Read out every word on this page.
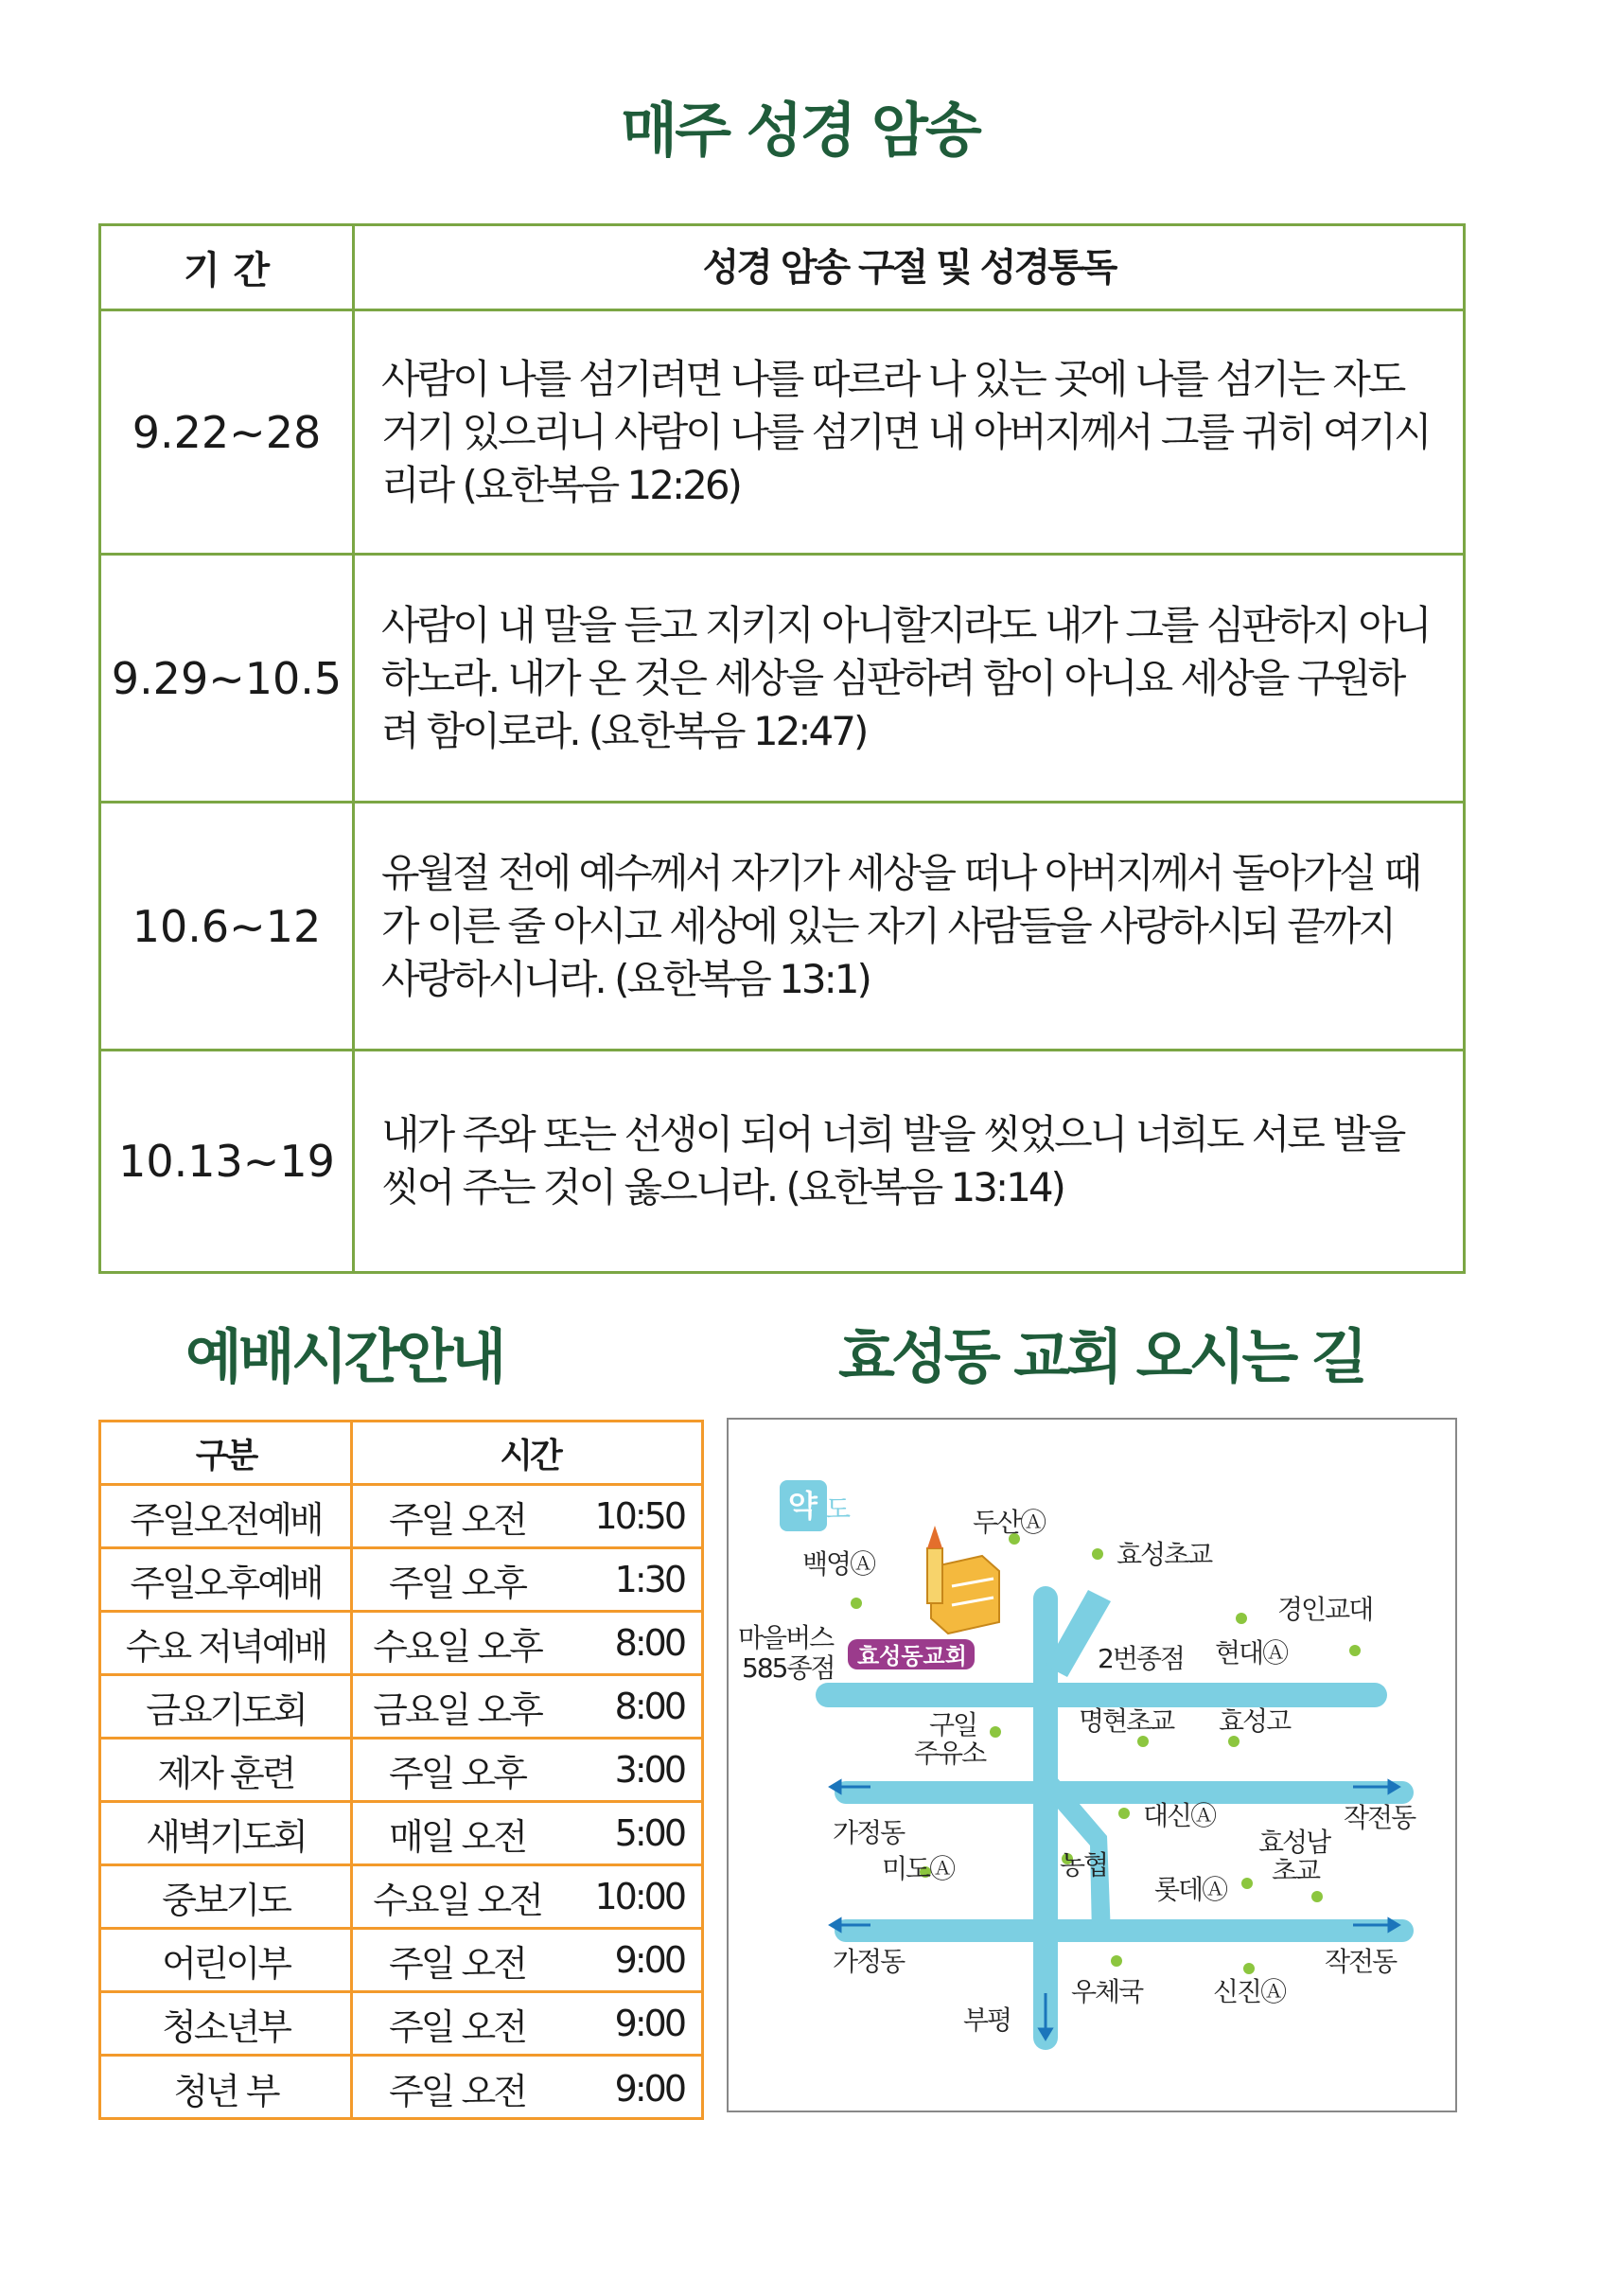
매주 성경 암송
기 간	성경 암송 구절 및 성경통독
9.22~28
사람이 나를 섬기려면 나를 따르라 나 있는 곳에 나를 섬기는 자도 거기 있으리니 사람이 나를 섬기면 내 아버지께서 그를 귀히 여기시리라 (요한복음 12:26)
9.29~10.5
사람이 내 말을 듣고 지키지 아니할지라도 내가 그를 심판하지 아니하노라. 내가 온 것은 세상을 심판하려 함이 아니요 세상을 구원하려 함이로라. (요한복음 12:47)
10.6~12
유월절 전에 예수께서 자기가 세상을 떠나 아버지께서 돌아가실 때가 이른 줄 아시고 세상에 있는 자기 사람들을 사랑하시되 끝까지 사랑하시니라. (요한복음 13:1)
10.13~19
내가 주와 또는 선생이 되어 너희 발을 씻었으니 너희도 서로 발을 씻어 주는 것이 옳으니라. (요한복음 13:14)
예배시간안내	효성동 교회 오시는 길
구분	시간
주일오전예배	주일 오전	10:50
주일오후예배	주일 오후	1:30
수요 저녁예배	수요일 오후	8:00
금요기도회	금요일 오후	8:00
제자 훈련	주일 오후	3:00
새벽기도회	매일 오전	5:00
중보기도	수요일 오전	10:00
어린이부	주일 오전	9:00
청소년부	주일 오전	9:00
청년 부	주일 오전	9:00
약 도
효성동교회
두산Ⓐ
효성초교
백영Ⓐ
경인교대
마을버스
585종점	2번종점 현대Ⓐ
구일
주유소
명현초교 효성고
가정동
대신Ⓐ	작전동
효성남
초교
미도Ⓐ	농협
롯데Ⓐ
가정동	작전동
우체국	신진Ⓐ
부평
